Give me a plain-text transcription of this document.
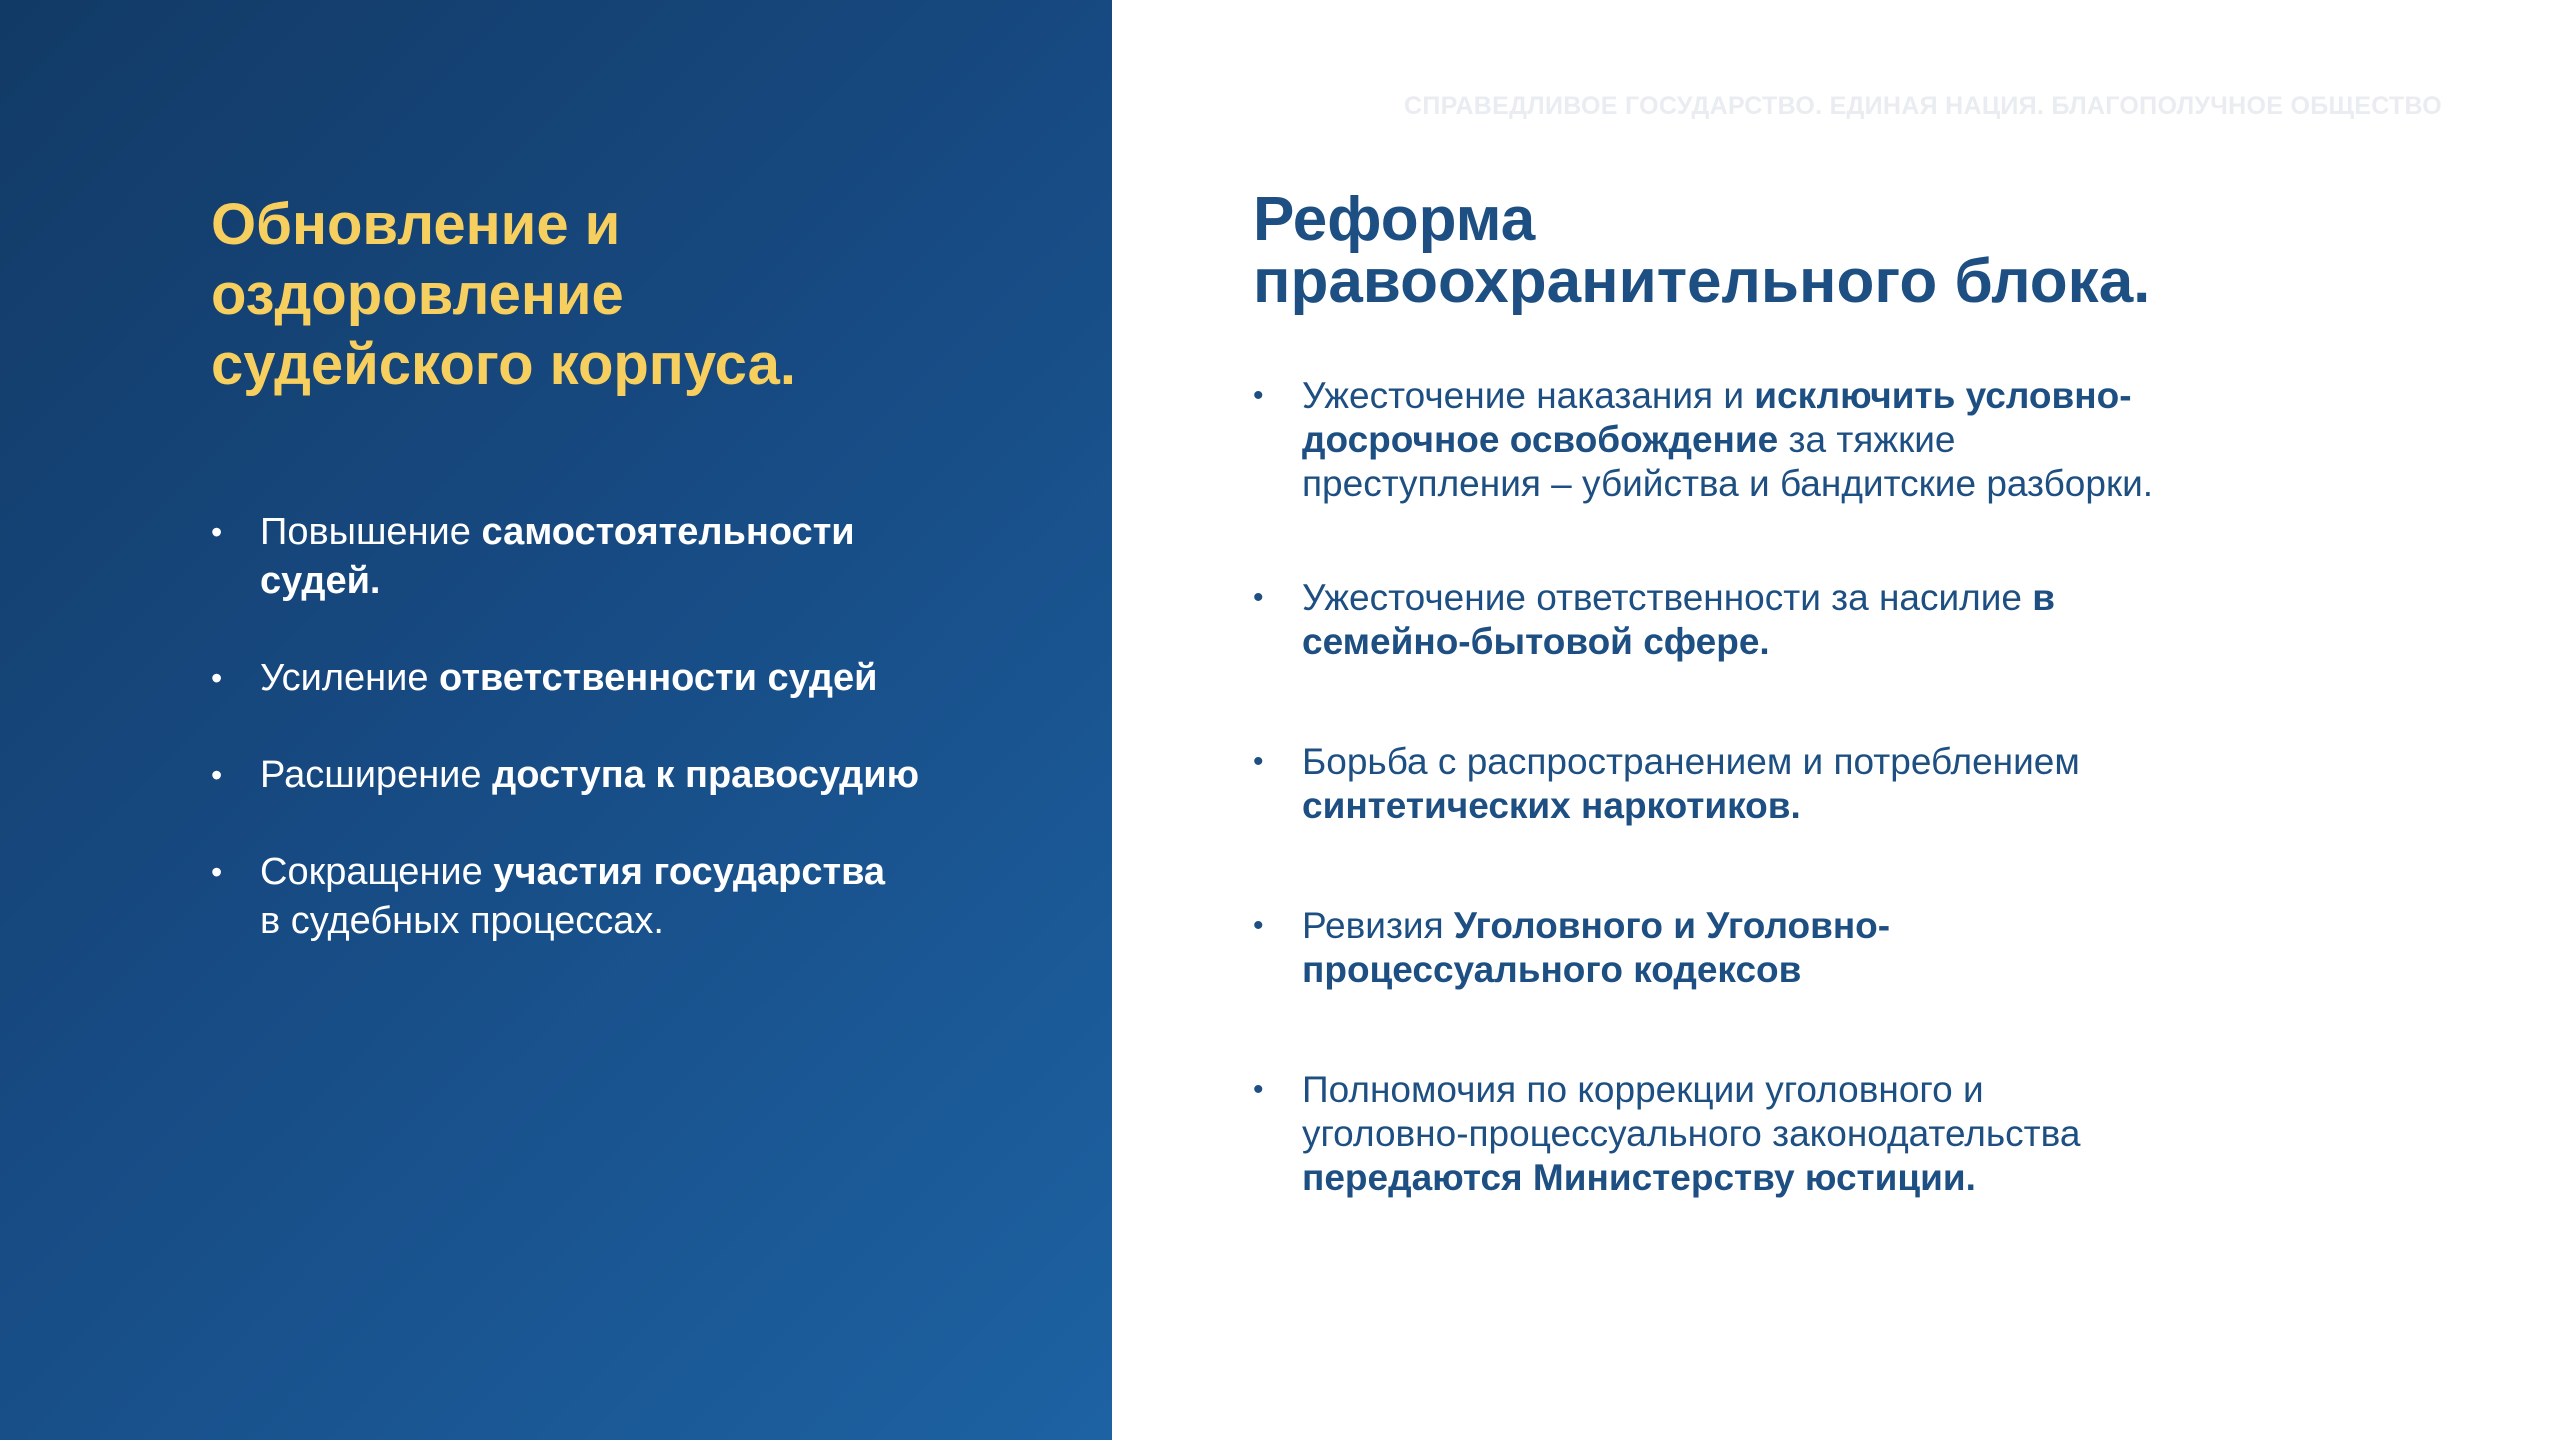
Обновление и
оздоровление
судейского корпуса.
• Повышение самостоятельности
судей.
• Усиление ответственности судей
• Расширение доступа к правосудию
• Сокращение участия государства
в судебных процессах.
СПРАВЕДЛИВОЕ ГОСУДАРСТВО. ЕДИНАЯ НАЦИЯ. БЛАГОПОЛУЧНОЕ ОБЩЕСТВО
Реформа
правоохранительного блока.
• Ужесточение наказания и исключить условно-
досрочное освобождение за тяжкие
преступления – убийства и бандитские разборки.
• Ужесточение ответственности за насилие в
семейно-бытовой сфере.
• Борьба с распространением и потреблением
синтетических наркотиков.
• Ревизия Уголовного и Уголовно-
процессуального кодексов
• Полномочия по коррекции уголовного и
уголовно-процессуального законодательства
передаются Министерству юстиции.
